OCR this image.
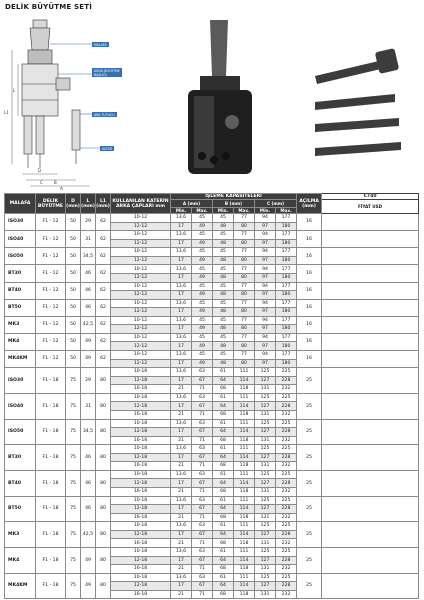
DELİK BÜYÜTME SETİ
L1
L
D
C	B
A
MALAFA
DELİK BÜYÜTME BAŞLIĞI
ARA TUTUCU
KATER
MALAFA	DELİK BÜYÜTME	D (mm)	L (mm)	L1 (mm)	KULLANILAN KATERİN ARKA ÇAPLARI mm	İŞLEME KAPASİTELERİ						AÇILMA (mm)	C740
						A (mm)		B (mm)		C (mm)			FİYAT USD
						Min.	Max.	Min.	Max.	Min.	Max.		
ISO30	F1 - 12	50	29	62	10-12	13,6	45	45	77	94	177	16	
					12-12	17	49	48	80	97	180		
ISO40	F1 - 12	50	31	62	10-12	13,6	45	45	77	94	177	16	
					12-12	17	49	48	80	97	180		
ISO50	F1 - 12	50	34,5	62	10-12	13,6	45	45	77	94	177	16	
					12-12	17	49	48	80	97	180		
BT30	F1 - 12	50	46	62	10-12	13,6	45	45	77	94	177	16	
					12-12	17	49	48	80	97	180		
BT40	F1 - 12	50	46	62	10-12	13,6	45	45	77	94	177	16	
					12-12	17	49	48	80	97	180		
BT50	F1 - 12	50	46	62	10-12	13,6	45	45	77	94	177	16	
					12-12	17	49	48	80	97	180		
MK3	F1 - 12	50	42,5	62	10-12	13,6	45	45	77	94	177	16	
					12-12	17	49	48	80	97	180		
MK4	F1 - 12	50	49	62	10-12	13,6	45	45	77	94	177	16	
					12-12	17	49	48	80	97	180		
MK4KM	F1 - 12	50	49	62	10-12	13,6	45	45	77	94	177	16	
					12-12	17	49	48	80	97	180		
ISO30	F1 - 18	75	29	80	10-18	13,6	63	61	111	125	225	25	
					12-18	17	67	64	114	127	228		
					16-18	21	71	68	118	131	232		
ISO40	F1 - 18	75	31	80	10-18	13,6	63	61	111	125	225	25	
					12-18	17	67	64	114	127	228		
					16-18	21	71	68	118	131	232		
ISO50	F1 - 18	75	34,5	80	10-18	13,6	63	61	111	125	225	25	
					12-18	17	67	64	114	127	228		
					16-18	21	71	68	118	131	232		
BT30	F1 - 18	75	46	80	10-18	13,6	63	61	111	125	225	25	
					12-18	17	67	64	114	127	228		
					16-18	21	71	68	118	131	232		
BT40	F1 - 18	75	46	80	10-18	13,6	63	61	111	125	225	25	
					12-18	17	67	64	114	127	228		
					16-18	21	71	68	118	131	232		
BT50	F1 - 18	75	46	80	10-18	13,6	63	61	111	125	225	25	
					12-18	17	67	64	114	127	228		
					16-18	21	71	68	118	131	232		
MK3	F1 - 18	75	42,5	80	10-18	13,6	63	61	111	125	225	25	
					12-18	17	67	64	114	127	228		
					16-18	21	71	68	118	131	232		
MK4	F1 - 18	75	49	80	10-18	13,6	63	61	111	125	225	25	
					12-18	17	67	64	114	127	228		
					16-18	21	71	68	118	131	232		
MK4KM	F1 - 18	75	49	80	10-18	13,6	63	61	111	125	225	25	
					12-18	17	67	64	114	127	228		
					16-18	21	71	68	118	131	232		
